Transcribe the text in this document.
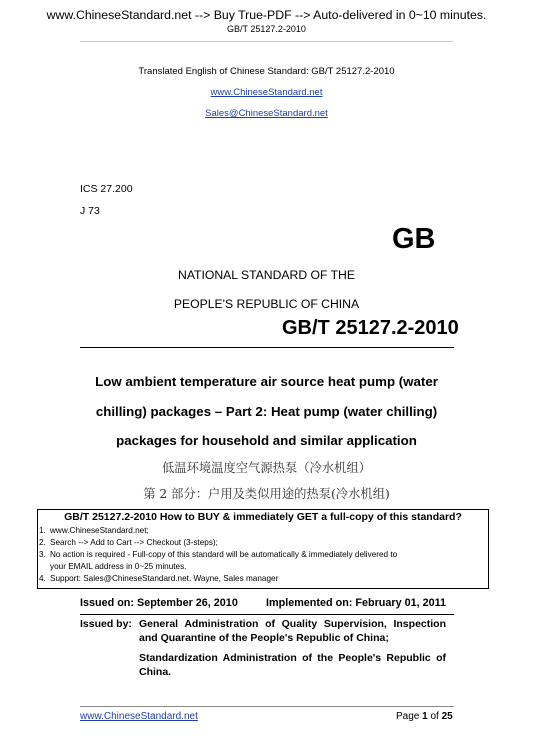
www.ChineseStandard.net --> Buy True-PDF --> Auto-delivered in 0~10 minutes.
GB/T 25127.2-2010
Translated English of Chinese Standard: GB/T 25127.2-2010
www.ChineseStandard.net
Sales@ChineseStandard.net
ICS 27.200
J 73
GB
NATIONAL STANDARD OF THE
PEOPLE'S REPUBLIC OF CHINA
GB/T 25127.2-2010
Low ambient temperature air source heat pump (water
chilling) packages – Part 2: Heat pump (water chilling)
packages for household and similar application
低温环境温度空气源热泵（冷水机组）
第 2 部分：户用及类似用途的热泵(冷水机组)
GB/T 25127.2-2010 How to BUY & immediately GET a full-copy of this standard?
1. www.ChineseStandard.net;
2. Search --> Add to Cart --> Checkout (3-steps);
3. No action is required - Full-copy of this standard will be automatically & immediately delivered to
your EMAIL address in 0~25 minutes.
4. Support: Sales@ChineseStandard.net. Wayne, Sales manager
Issued on: September 26, 2010	Implemented on: February 01, 2011
Issued by: General Administration of Quality Supervision, Inspection
and Quarantine of the People's Republic of China;
Standardization Administration of the People's Republic of
China.
www.ChineseStandard.net	Page 1 of 25
